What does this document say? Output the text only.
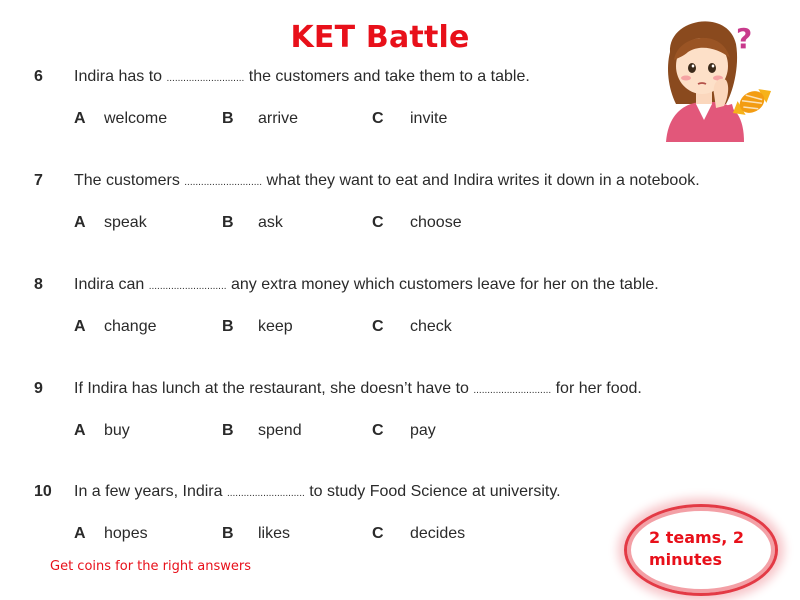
KET Battle
6 Indira has to ............................ the customers and take them to a table.
A welcome	B arrive	C invite
7 The customers ............................ what they want to eat and Indira writes it down in a notebook.
A speak	B ask	C choose
8 Indira can ............................ any extra money which customers leave for her on the table.
A change	B keep	C check
9 If Indira has lunch at the restaurant, she doesn’t have to ............................ for her food.
A buy	B spend	C pay
10 In a few years, Indira ............................ to study Food Science at university.
A hopes	B likes	C decides
Get coins for the right answers
2 teams, 2 minutes
?
